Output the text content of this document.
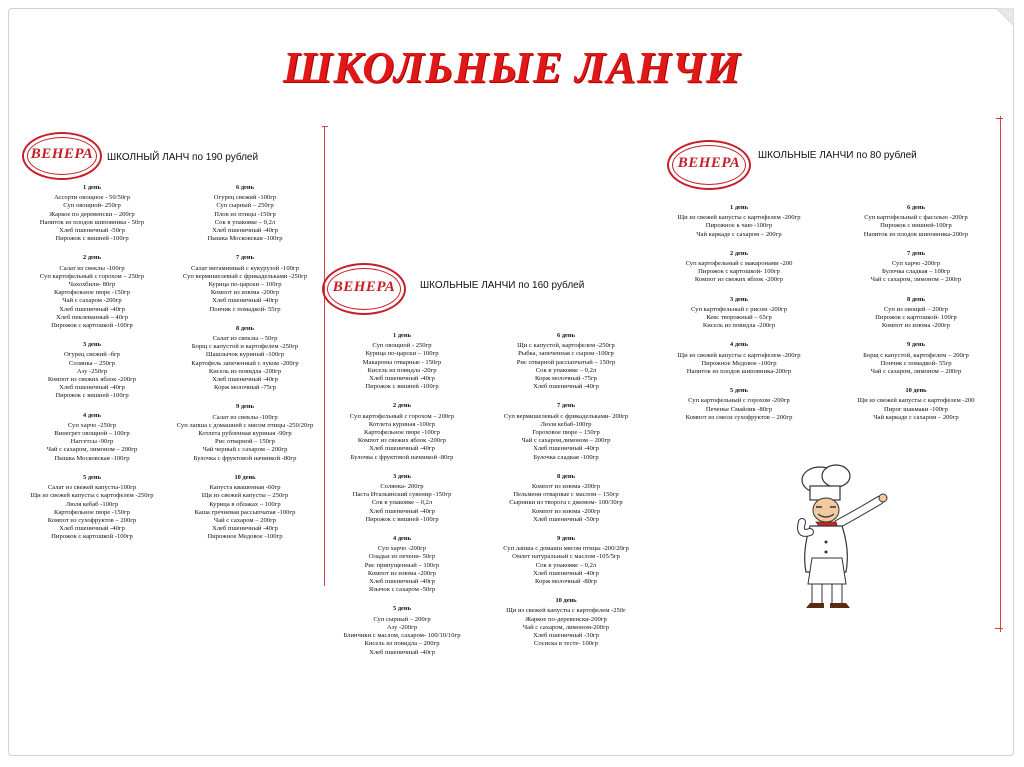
ШКОЛЬНЫЕ ЛАНЧИ
ВЕНЕРА	ШКОЛНЫЙ ЛАНЧ по 190 рублей
1 день
Ассорти овощное - 50/50гр
Суп овощной- 250гр
Жаркое по деревенски – 200гр
Напиток из плодов шиповника - 50гр
Хлеб пшеничный -50гр
Пирожок с вишней -100гр
2 день
Салат из свеклы -100гр
Суп картофельный с горохом – 250гр
Чахохбили- 80гр
Картофельное пюре -150гр
Чай с сахаром -200гр
Хлеб пшеничный -40гр
Хлеб пеклеванный – 40гр
Пирожок с картошкой -100гр
3 день
Огурец свежий -бгр
Солянка – 250гр
Азу -250гр
Компот из свежих яблок -200гр
Хлеб пшеничный -40гр
Пирожок с вишней -100гр
4 день
Суп харчо -250гр
Винегрет овощной – 100гр
Наггетсы -90гр
Чай с сахаром, лимоном – 200гр
Пышка Московская -100гр
5 день
Салат из свежей капусты-100гр
Щи из свежей капусты с картофелем -250гр
Люля кебаб -100гр
Картофельное пюре -150гр
Компот из сухофруктов – 200гр
Хлеб пшеничный -40гр
Пирожок с картошкой -100гр
6 день
Огурец свежий -100гр
Суп сырный – 250гр
Плов из птицы -150гр
Сок в упаковке – 0,2л
Хлеб пшеничный -40гр
Пышка Московская -100гр
7 день
Салат витаминный с кукурузой -100гр
Суп вермишелевый с фрикадельками -250гр
Курица по-царски – 100гр
Компот из изюма -200гр
Хлеб пшеничный -40гр
Пончик с помадкой- 55гр
8 день
Салат из свеклы – 50гр
Борщ с капустой и картофелем -250гр
Шашлычок куриный -100гр
Картофель запеченный с луком -200гр
Кисель из повидла -200гр
Хлеб пшеничный -40гр
Корж молочный -75гр
9 день
Салат из свеклы -100гр
Суп лапша с домашней с мясом птицы -250/20гр
Котлета рубленная куриная -90гр
Рис отварной – 150гр
Чай черный с сахаром – 200гр
Булочка с фруктовой начинкой -80гр
10 день
Капуста квашенная -60гр
Щи из свежей капусты – 250гр
Курица в облаках – 100гр
Каша гречневая рассыпчатая -100гр
Чай с сахаром – 200гр
Хлеб пшеничный -40гр
Пирожное Медовое -100гр
ВЕНЕРА	ШКОЛЬНЫЕ ЛАНЧИ по 160 рублей
1 день
Суп овощной - 250гр
Курица по-царски – 100гр
Макароны отварные - 150гр
Кисель из повидла -20гр
Хлеб пшеничный -40гр
Пирожок с вишней -100гр
2 день
Суп картофельный с горохом – 200гр
Котлета куриная -100гр
Картофельное пюре -100гр
Компот из свежих яблок -200гр
Хлеб пшеничный -40гр
Булочка с фруктовой начинкой -80гр
3 день
Солянка- 200гр
Паста Итальянский сувенир -150гр
Сок в упаковке – 0,2л
Хлеб пшеничный -40гр
Пирожок с вишней -100гр
4 день
Суп харчо -200гр
Оладьи из печени- 50гр
Рис припущенный – 100гр
Компот из изюма -200гр
Хлеб пшеничный -40гр
Язычок с сахаром -50гр
5 день
Суп сырный – 200гр
Азу -200гр
Блинчики с маслом, сахаром- 100/10/10гр
Кисель из повидла – 200гр
Хлеб пшеничный -40гр
6 день
Щи с капустой, картофелем -250гр
Рыбка, запеченная с сыром -100гр
Рис отварной рассыпчатый – 150гр
Сок в упаковке – 0,2л
Корж молочный -75гр
Хлеб пшеничный -40гр
7 день
Суп вермишелевый с фрикадельками- 200гр
Люля кебаб-100гр
Гороховое пюре – 150гр
Чай с сахаром,лимоном – 200гр
Хлеб пшеничный -40гр
Булочка сладкая -100гр
8 день
Компот из изюма -200гр
Пельмени отварные с маслом – 150гр
Сырники из творога с джемом- 100/30гр
Компот из изюма -200гр
Хлеб пшеничный -50гр
9 день
Суп лапша с домашн мясом птицы -200/20гр
Омлет натуральный с маслом -105/5гр
Сок в упаковке – 0,2л
Хлеб пшеничный -40гр
Корж молочный -80гр
10 день
Щи из свежей капусты с картофелем -250г
Жаркое по-деревенски-200гр
Чай с сахаром, лимоном-200гр
Хлеб пшеничный -30гр
Сосиска в тесте- 100гр
ВЕНЕРА	ШКОЛЬНЫЕ ЛАНЧИ по 80 рублей
1 день
Щи из свежей капусты с картофелем -200гр
Пирожное к чаю -100гр
Чай каркаде с сахаром – 200гр
2 день
Суп картофельный с макаронами -200
Пирожок с картошкой- 100гр
Компот из свежих яблок -200гр
3 день
Суп картофельный с рисом -200гр
Кекс творожный – 65гр
Кисель из повидла -200гр
4 день
Щи из свежей капусты с картофелем -200гр
Пирожное Медовое -100гр
Напиток из плодов шиповника-200гр
5 день
Суп картофельный с горохом -200гр
Печенье Смайлик -80гр
Компот из смеси сухофруктов – 200гр
6 день
Суп картофельный с фасолью -200гр
Пирожок с вишней-100гр
Напиток из плодов шиповника-200гр
7 день
Суп харчо -200гр
Булочка сладкая – 100гр
Чай с сахаром, лимоном – 200гр
8 день
Суп из овощей – 200гр
Пирожок с картошкой- 100гр
Компот из изюма -200гр
9 день
Борщ с капустой, картофелем – 200гр
Пончик с помадкой- 55гр
Чай с сахаром, лимоном – 200гр
10 день
Щи из свежей капусты с картофелем -200
Пирог шакмаки -100гр
Чай каркаде с сахаром – 200гр
